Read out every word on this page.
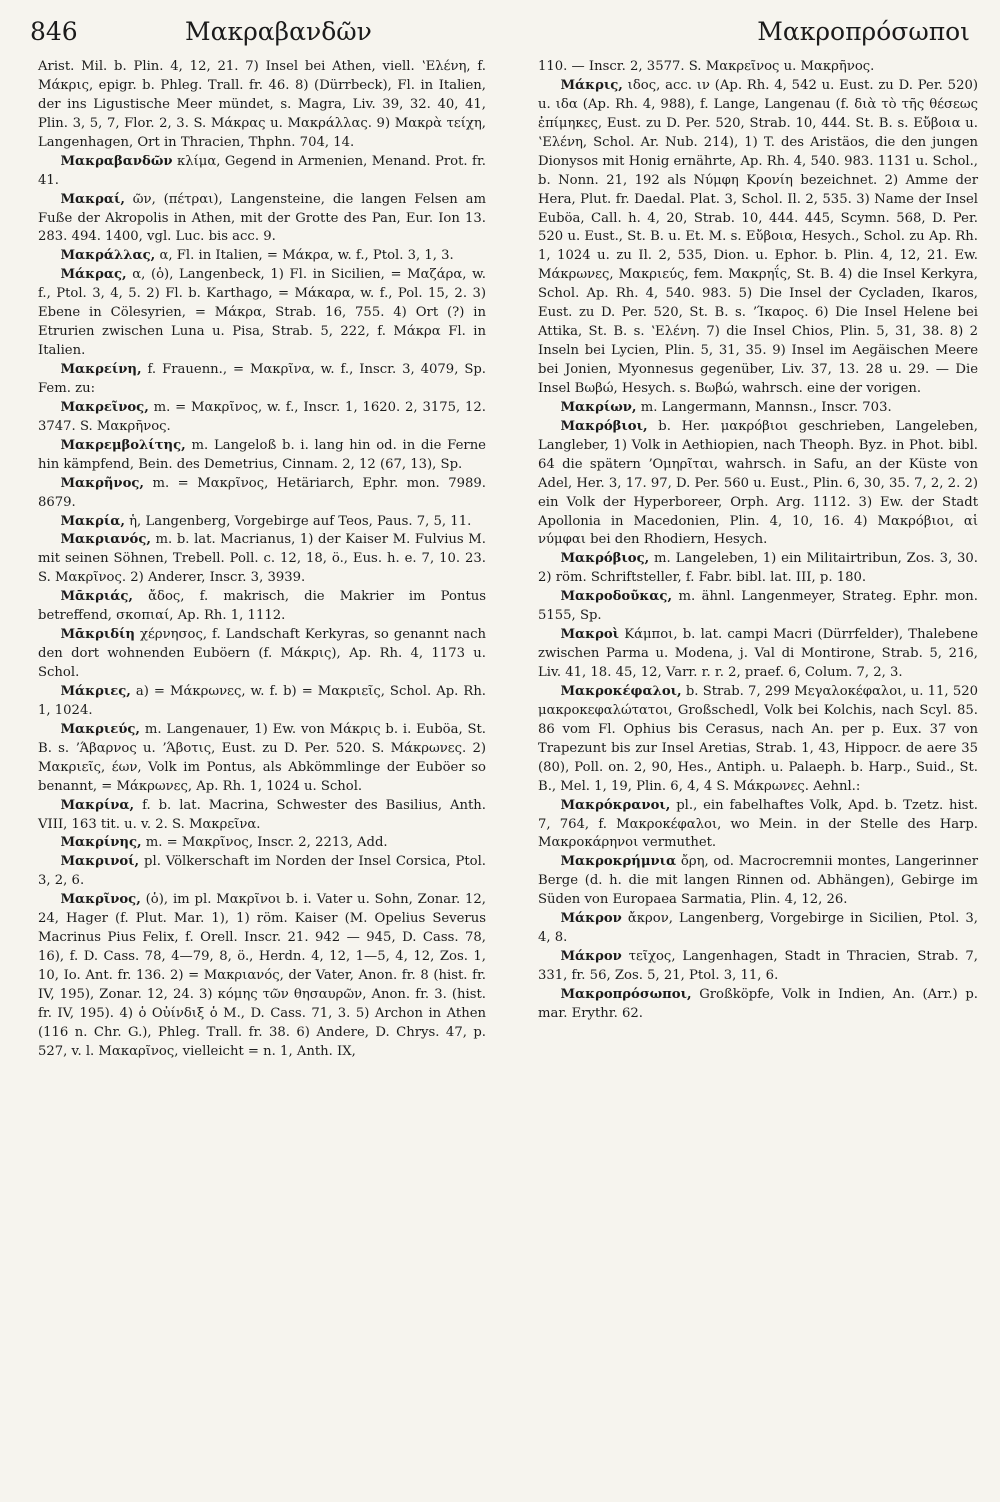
846	Μακραβανδῶν	Μακροπρόσωποι

Arist. Mil. b. Plin. 4, 12, 21. 7) Insel bei Athen, viell. ʽΕλένη, f. Μάκρις, epigr. b. Phleg. Trall. fr. 46. 8) (Dürrbeck), Fl. in Italien, der ins Ligustische Meer mündet, s. Magra, Liv. 39, 32. 40, 41, Plin. 3, 5, 7, Flor. 2, 3. S. Μάκρας u. Μακράλλας. 9) Μακρὰ τείχη, Langenhagen, Ort in Thracien, Thphn. 704, 14.

Μακραβανδῶν κλίμα, Gegend in Armenien, Menand. Prot. fr. 41.

Μακραί, ῶν, (πέτραι), Langensteine, die langen Felsen am Fuße der Akropolis in Athen, mit der Grotte des Pan, Eur. Ion 13. 283. 494. 1400, vgl. Luc. bis acc. 9.

Μακράλλας, α, Fl. in Italien, = Μάκρα, w. f., Ptol. 3, 1, 3.

Μάκρας, α, (ὁ), Langenbeck, 1) Fl. in Sicilien, = Μαζάρα, w. f., Ptol. 3, 4, 5. 2) Fl. b. Karthago, = Μάκαρα, w. f., Pol. 15, 2. 3) Ebene in Cölesyrien, = Μάκρα, Strab. 16, 755. 4) Ort (?) in Etrurien zwischen Luna u. Pisa, Strab. 5, 222, f. Μάκρα Fl. in Italien.

Μακρείνη, f. Frauenn., = Μακρῖνα, w. f., Inscr. 3, 4079, Sp. Fem. zu:

Μακρεῖνος, m. = Μακρῖνος, w. f., Inscr. 1, 1620. 2, 3175, 12. 3747. S. Μακρῆνος.

Μακρεμβολίτης, m. Langeloß b. i. lang hin od. in die Ferne hin kämpfend, Bein. des Demetrius, Cinnam. 2, 12 (67, 13), Sp.

Μακρῆνος, m. = Μακρῖνος, Hetäriarch, Ephr. mon. 7989. 8679.

Μακρία, ἡ, Langenberg, Vorgebirge auf Teos, Paus. 7, 5, 11.

Μακριανός, m. b. lat. Macrianus, 1) der Kaiser M. Fulvius M. mit seinen Söhnen, Trebell. Poll. c. 12, 18, ö., Eus. h. e. 7, 10. 23. S. Μακρῖνος. 2) Anderer, Inscr. 3, 3939.

Μᾱκριάς, ἄδος, f. makrisch, die Makrier im Pontus betreffend, σκοπιαί, Ap. Rh. 1, 1112.

Μᾱκριδίη χέρνησος, f. Landschaft Kerkyras, so genannt nach den dort wohnenden Euböern (f. Μάκρις), Ap. Rh. 4, 1173 u. Schol.

Μάκριες, a) = Μάκρωνες, w. f. b) = Μακριεῖς, Schol. Ap. Rh. 1, 1024.

Μακριεύς, m. Langenauer, 1) Ew. von Μάκρις b. i. Euböa, St. B. s. ʼΆβαρνος u. ʼΆβοτις, Eust. zu D. Per. 520. S. Μάκρωνες. 2) Μακριεῖς, έων, Volk im Pontus, als Abkömmlinge der Euböer so benannt, = Μάκρωνες, Ap. Rh. 1, 1024 u. Schol.

Μακρίνα, f. b. lat. Macrina, Schwester des Basilius, Anth. VIII, 163 tit. u. v. 2. S. Μακρεῖνα.

Μακρίνης, m. = Μακρῖνος, Inscr. 2, 2213, Add.

Μακρινοί, pl. Völkerschaft im Norden der Insel Corsica, Ptol. 3, 2, 6.

Μακρῖνος, (ὁ), im pl. Μακρῖνοι b. i. Vater u. Sohn, Zonar. 12, 24, Hager (f. Plut. Mar. 1), 1) röm. Kaiser (M. Opelius Severus Macrinus Pius Felix, f. Orell. Inscr. 21. 942 — 945, D. Cass. 78, 16), f. D. Cass. 78, 4—79, 8, ö., Herdn. 4, 12, 1—5, 4, 12, Zos. 1, 10, Io. Ant. fr. 136. 2) = Μακριανός, der Vater, Anon. fr. 8 (hist. fr. IV, 195), Zonar. 12, 24. 3) κόμης τῶν θησαυρῶν, Anon. fr. 3. (hist. fr. IV, 195). 4) ὁ Οὐίνδιξ ὁ Μ., D. Cass. 71, 3. 5) Archon in Athen (116 n. Chr. G.), Phleg. Trall. fr. 38. 6) Andere, D. Chrys. 47, p. 527, v. l. Μακαρῖνος, vielleicht = n. 1, Anth. IX,

110. — Inscr. 2, 3577. S. Μακρεῖνος u. Μακρῆνος.

Μάκρις, ιδος, acc. ιν (Ap. Rh. 4, 542 u. Eust. zu D. Per. 520) u. ιδα (Ap. Rh. 4, 988), f. Lange, Langenau (f. διὰ τὸ τῆς θέσεως ἐπίμηκες, Eust. zu D. Per. 520, Strab. 10, 444. St. B. s. Εὔβοια u. ʽΕλένη, Schol. Ar. Nub. 214), 1) T. des Aristäos, die den jungen Dionysos mit Honig ernährte, Ap. Rh. 4, 540. 983. 1131 u. Schol., b. Nonn. 21, 192 als Νύμφη Κρονίη bezeichnet. 2) Amme der Hera, Plut. fr. Daedal. Plat. 3, Schol. Il. 2, 535. 3) Name der Insel Euböa, Call. h. 4, 20, Strab. 10, 444. 445, Scymn. 568, D. Per. 520 u. Eust., St. B. u. Et. M. s. Εὔβοια, Hesych., Schol. zu Ap. Rh. 1, 1024 u. zu Il. 2, 535, Dion. u. Ephor. b. Plin. 4, 12, 21. Ew. Μάκρωνες, Μακριεύς, fem. Μακρηΐς, St. B. 4) die Insel Kerkyra, Schol. Ap. Rh. 4, 540. 983. 5) Die Insel der Cycladen, Ikaros, Eust. zu D. Per. 520, St. B. s. ʼΊκαρος. 6) Die Insel Helene bei Attika, St. B. s. ʽΕλένη. 7) die Insel Chios, Plin. 5, 31, 38. 8) 2 Inseln bei Lycien, Plin. 5, 31, 35. 9) Insel im Aegäischen Meere bei Jonien, Myonnesus gegenüber, Liv. 37, 13. 28 u. 29. — Die Insel Βωβώ, Hesych. s. Βωβώ, wahrsch. eine der vorigen.

Μακρίων, m. Langermann, Mannsn., Inscr. 703.

Μακρόβιοι, b. Her. μακρόβιοι geschrieben, Langeleben, Langleber, 1) Volk in Aethiopien, nach Theoph. Byz. in Phot. bibl. 64 die spätern ʼΟμηρῖται, wahrsch. in Safu, an der Küste von Adel, Her. 3, 17. 97, D. Per. 560 u. Eust., Plin. 6, 30, 35. 7, 2, 2. 2) ein Volk der Hyperboreer, Orph. Arg. 1112. 3) Ew. der Stadt Apollonia in Macedonien, Plin. 4, 10, 16. 4) Μακρόβιοι, αἱ νύμφαι bei den Rhodiern, Hesych.

Μακρόβιος, m. Langeleben, 1) ein Militairtribun, Zos. 3, 30. 2) röm. Schriftsteller, f. Fabr. bibl. lat. III, p. 180.

Μακροδοῦκας, m. ähnl. Langenmeyer, Strateg. Ephr. mon. 5155, Sp.

Μακροὶ Κάμποι, b. lat. campi Macri (Dürrfelder), Thalebene zwischen Parma u. Modena, j. Val di Montirone, Strab. 5, 216, Liv. 41, 18. 45, 12, Varr. r. r. 2, praef. 6, Colum. 7, 2, 3.

Μακροκέφαλοι, b. Strab. 7, 299 Μεγαλοκέφαλοι, u. 11, 520 μακροκεφαλώτατοι, Großschedl, Volk bei Kolchis, nach Scyl. 85. 86 vom Fl. Ophius bis Cerasus, nach An. per p. Eux. 37 von Trapezunt bis zur Insel Aretias, Strab. 1, 43, Hippocr. de aere 35 (80), Poll. on. 2, 90, Hes., Antiph. u. Palaeph. b. Harp., Suid., St. B., Mel. 1, 19, Plin. 6, 4, 4 S. Μάκρωνες. Aehnl.:

Μακρόκρανοι, pl., ein fabelhaftes Volk, Apd. b. Tzetz. hist. 7, 764, f. Μακροκέφαλοι, wo Mein. in der Stelle des Harp. Μακροκάρηνοι vermuthet.

Μακροκρήμνια ὄρη, od. Macrocremnii montes, Langerinner Berge (d. h. die mit langen Rinnen od. Abhängen), Gebirge im Süden von Europaea Sarmatia, Plin. 4, 12, 26.

Μάκρον ἄκρον, Langenberg, Vorgebirge in Sicilien, Ptol. 3, 4, 8.

Μάκρον τεῖχος, Langenhagen, Stadt in Thracien, Strab. 7, 331, fr. 56, Zos. 5, 21, Ptol. 3, 11, 6.

Μακροπρόσωποι, Großköpfe, Volk in Indien, An. (Arr.) p. mar. Erythr. 62.
